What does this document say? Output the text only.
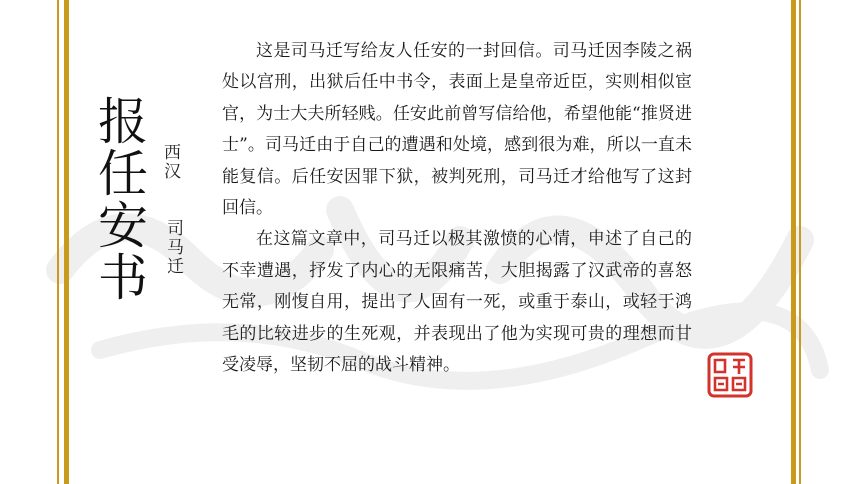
报任安书 西汉
司马迁

这是司马迁写给友人任安的一封回信。司马迁因李陵之祸处以宫刑，出狱后任中书令，表面上是皇帝近臣，实则相似宦官，为士大夫所轻贱。任安此前曾写信给他，希望他能“推贤进士”。司马迁由于自己的遭遇和处境，感到很为难，所以一直未能复信。后任安因罪下狱，被判死刑，司马迁才给他写了这封回信。

在这篇文章中，司马迁以极其激愤的心情，申述了自己的不幸遭遇，抒发了内心的无限痛苦，大胆揭露了汉武帝的喜怒无常，刚愎自用，提出了人固有一死，或重于泰山，或轻于鸿毛的比较进步的生死观，并表现出了他为实现可贵的理想而甘受凌辱，坚韧不屈的战斗精神。
